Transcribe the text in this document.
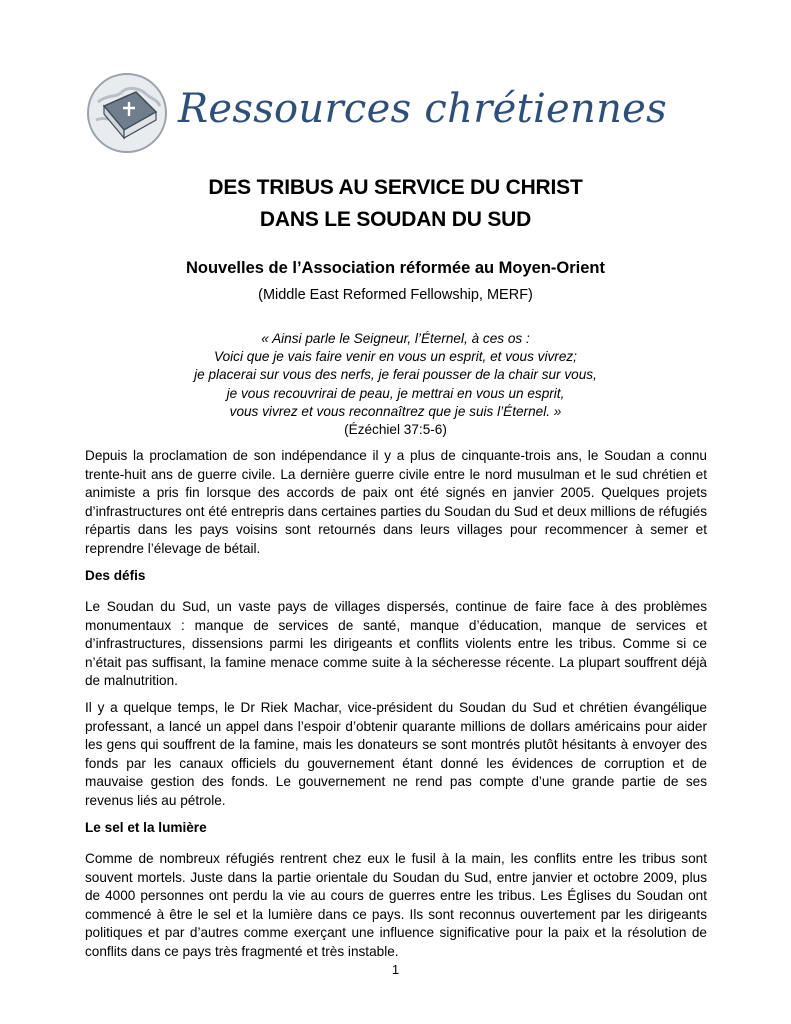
Ressources chrétiennes
DES TRIBUS AU SERVICE DU CHRIST
DANS LE SOUDAN DU SUD
Nouvelles de l’Association réformée au Moyen-Orient
(Middle East Reformed Fellowship, MERF)
« Ainsi parle le Seigneur, l’Éternel, à ces os :
Voici que je vais faire venir en vous un esprit, et vous vivrez;
je placerai sur vous des nerfs, je ferai pousser de la chair sur vous,
je vous recouvrirai de peau, je mettrai en vous un esprit,
vous vivrez et vous reconnaîtrez que je suis l’Éternel. »
(Ézéchiel 37:5-6)
Depuis la proclamation de son indépendance il y a plus de cinquante-trois ans, le Soudan a connu trente-huit ans de guerre civile. La dernière guerre civile entre le nord musulman et le sud chrétien et animiste a pris fin lorsque des accords de paix ont été signés en janvier 2005. Quelques projets d’infrastructures ont été entrepris dans certaines parties du Soudan du Sud et deux millions de réfugiés répartis dans les pays voisins sont retournés dans leurs villages pour recommencer à semer et reprendre l’élevage de bétail.
Des défis
Le Soudan du Sud, un vaste pays de villages dispersés, continue de faire face à des problèmes monumentaux : manque de services de santé, manque d’éducation, manque de services et d’infrastructures, dissensions parmi les dirigeants et conflits violents entre les tribus. Comme si ce n’était pas suffisant, la famine menace comme suite à la sécheresse récente. La plupart souffrent déjà de malnutrition.
Il y a quelque temps, le Dr Riek Machar, vice-président du Soudan du Sud et chrétien évangélique professant, a lancé un appel dans l’espoir d’obtenir quarante millions de dollars américains pour aider les gens qui souffrent de la famine, mais les donateurs se sont montrés plutôt hésitants à envoyer des fonds par les canaux officiels du gouvernement étant donné les évidences de corruption et de mauvaise gestion des fonds. Le gouvernement ne rend pas compte d’une grande partie de ses revenus liés au pétrole.
Le sel et la lumière
Comme de nombreux réfugiés rentrent chez eux le fusil à la main, les conflits entre les tribus sont souvent mortels. Juste dans la partie orientale du Soudan du Sud, entre janvier et octobre 2009, plus de 4000 personnes ont perdu la vie au cours de guerres entre les tribus. Les Églises du Soudan ont commencé à être le sel et la lumière dans ce pays. Ils sont reconnus ouvertement par les dirigeants politiques et par d’autres comme exerçant une influence significative pour la paix et la résolution de conflits dans ce pays très fragmenté et très instable.
1
